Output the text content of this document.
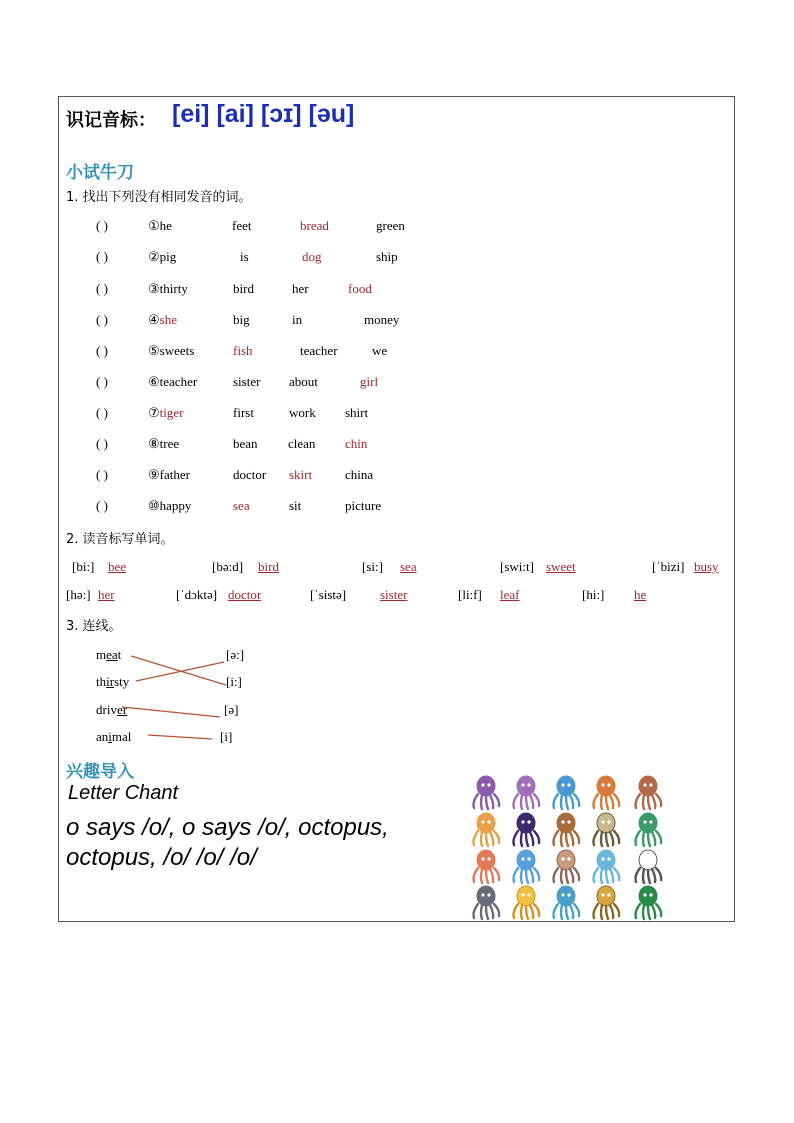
识记音标： [ei] [ai] [ɔɪ] [əu]
小试牛刀
1. 找出下列没有相同发音的词。
( )	①he	feet	bread	green
( )	②pig	is	dog	ship
( )	③thirty	bird	her	food
( )	④she	big	in	money
( )	⑤sweets	fish	teacher	we
( )	⑥teacher	sister about	girl
( )	⑦tiger	first	work shirt
( )	⑧tree	bean clean chin
( )	⑨father	doctor skirt	china
( )	⑩happy	sea	sit	picture
2. 读音标写单词。
[bi:]	bee	[bə:d]	bird	[si:]	sea	[swi:t] sweet	[ˈbizi] busy
[hə:] her	[ˈdɔktə] doctor	[ˈsistə]	sister	[li:f]	leaf	[hi:]	he
3. 连线。
meat
thirsty
driver
animal
[ə:]
[i:]
[ə]
[i]
兴趣导入
Letter Chant
o says /o/, o says /o/, octopus,
octopus, /o/ /o/ /o/
